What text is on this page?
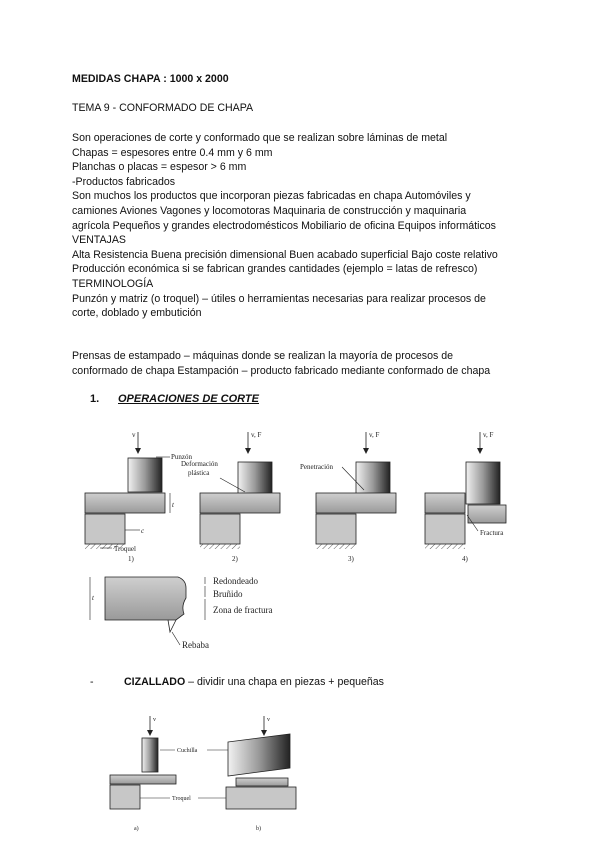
MEDIDAS CHAPA : 1000 x 2000
TEMA 9 - CONFORMADO DE CHAPA
Son operaciones de corte y conformado que se realizan sobre láminas de metal
Chapas = espesores entre 0.4 mm y 6 mm
Planchas o placas = espesor > 6 mm
-Productos fabricados
Son muchos los productos que incorporan piezas fabricadas en chapa Automóviles y
camiones Aviones Vagones y locomotoras Maquinaria de construcción y maquinaria
agrícola Pequeños y grandes electrodomésticos Mobiliario de oficina Equipos informáticos
VENTAJAS
Alta Resistencia Buena precisión dimensional Buen acabado superficial Bajo coste relativo
Producción económica si se fabrican grandes cantidades (ejemplo = latas de refresco)
TERMINOLOGÍA
Punzón y matriz (o troquel) – útiles o herramientas necesarias para realizar procesos de
corte, doblado y embutición
Prensas de estampado – máquinas donde se realizan la mayoría de procesos de
conformado de chapa Estampación – producto fabricado mediante conformado de chapa
1. OPERACIONES DE CORTE
v
Punzón
t
c
Troquel
1)
v, F
Deformación
plástica
2)
v, F
Penetración
3)
v, F
Fractura
4)
t
Redondeado
Bruñido
Zona de fractura
Rebaba
v
a)
v
Cuchilla
Troquel
b)
-	CIZALLADO – dividir una chapa en piezas + pequeñas
